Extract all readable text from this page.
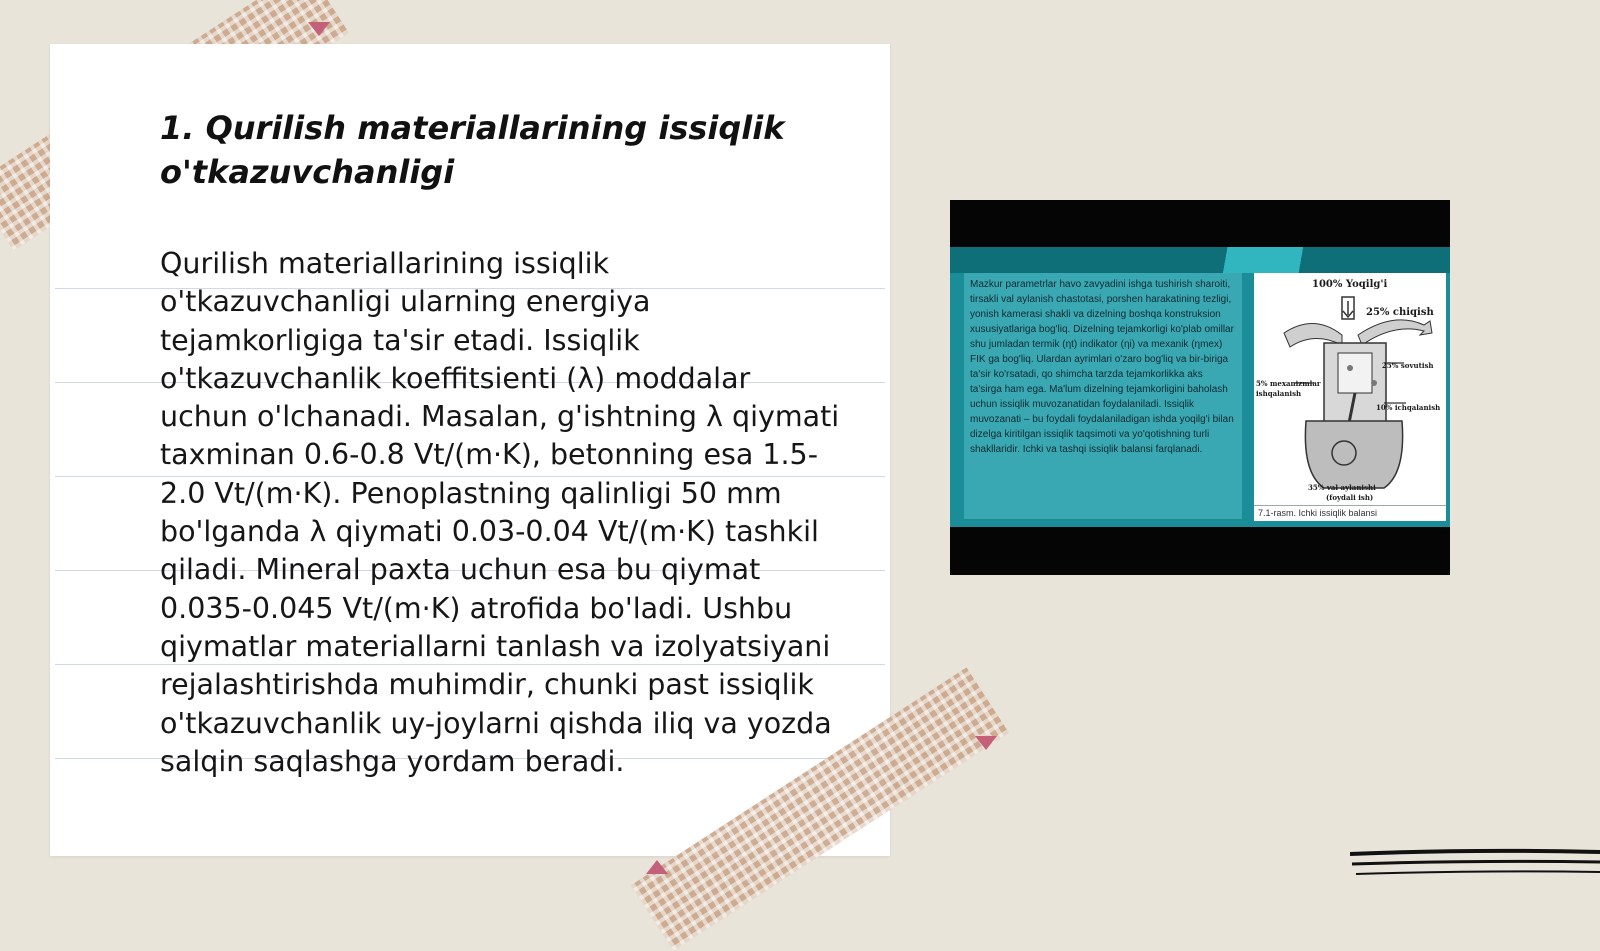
1. Qurilish materiallarining issiqlik o'tkazuvchanligi

Qurilish materiallarining issiqlik o'tkazuvchanligi ularning energiya tejamkorligiga ta'sir etadi. Issiqlik o'tkazuvchanlik koeffitsienti (λ) moddalar uchun o'lchanadi. Masalan, g'ishtning λ qiymati taxminan 0.6-0.8 Vt/(m·K), betonning esa 1.5-2.0 Vt/(m·K). Penoplastning qalinligi 50 mm bo'lganda λ qiymati 0.03-0.04 Vt/(m·K) tashkil qiladi. Mineral paxta uchun esa bu qiymat 0.035-0.045 Vt/(m·K) atrofida bo'ladi. Ushbu qiymatlar materiallarni tanlash va izolyatsiyani rejalashtirishda muhimdir, chunki past issiqlik o'tkazuvchanlik uy-joylarni qishda iliq va yozda salqin saqlashga yordam beradi.

Mazkur parametrlar havo zavyadini ishga tushirish sharoiti, tirsakli val aylanish chastotasi, porshen harakatining tezligi, yonish kamerasi shakli va dizelning boshqa konstruksion xususiyatlariga bog'liq. Dizelning tejamkorligi ko'plab omillar shu jumladan termik (ηt) indikator (ηi) va mexanik (ηmex) FIK ga bog'liq. Ulardan ayrimlari o'zaro bog'liq va bir-biriga ta'sir ko'rsatadi, qo shimcha tarzda tejamkorlikka aks ta'sirga ham ega. Ma'lum dizelning tejamkorligini baholash uchun issiqlik muvozanatidan foydalaniladi. Issiqlik muvozanati – bu foydali foydalaniladigan ishda yoqilg'i bilan dizelga kiritilgan issiqlik taqsimoti va yo'qotishning turli shakllaridir. Ichki va tashqi issiqlik balansi farqlanadi.

100% Yoqilg'i
25% chiqish
25% sovutish
5% mexanizmlar
ishqalanish
10% ichqalanish
35% val aylanishi
(foydali ish)
7.1-rasm. Ichki issiqlik balansi
